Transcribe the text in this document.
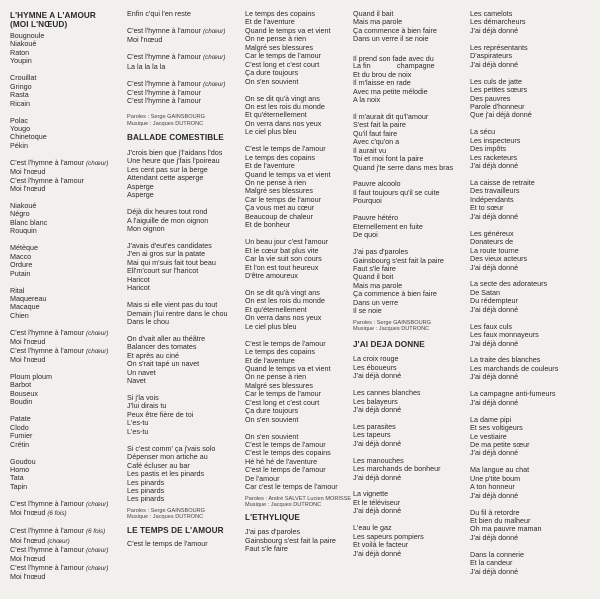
L'HYMNE A L'AMOUR
(MOI L'NŒUD)
Bougnoule
Niakoué
Raton
Youpin
Crouillat
Gringo
Rasta
Ricain
Polac
Yougo
Chinetoque
Pékin
C'est l'hymne à l'amour (chœur)
Moi l'nœud
C'est l'hymne à l'amour
Moi l'nœud
Niakoué
Négro
Blanc blanc
Rouquin
Métèque
Macco
Ordure
Putain
Rital
Maquereau
Macaque
Chien
C'est l'hymne à l'amour (chœur)
Moi l'nœud
C'est l'hymne à l'amour (chœur)
Moi l'nœud
Ploum ploum
Barbot
Bouseux
Boudin
Patate
Clodo
Fumier
Crétin
Goudou
Homo
Tata
Tapin
C'est l'hymne à l'amour (chœur)
Moi l'nœud (6 fois)
C'est l'hymne à l'amour (6 fois)
Moi l'nœud (chœur)
C'est l'hymne à l'amour (chœur)
Moi l'nœud
C'est l'hymne à l'amour (chœur)
Moi l'nœud
Enfin c'qui l'en reste
C'est l'hymne à l'amour (chœur)
Moi l'nœud
C'est l'hymne à l'amour (chœur)
La la la la la
C'est l'hymne à l'amour (chœur)
C'est l'hymne à l'amour
C'est l'hymne à l'amour
Paroles : Serge GAINSBOURG
Musique : Jacques DUTRONC
BALLADE COMESTIBLE
J'crois bien que j'l'aidans l'dos
Une heure que j'fais l'poireau
Les cent pas sur la berge
Attendant cette asperge
Asperge
Asperge
Déjà dix heures tout rond
A l'aiguille de mon oignon
Mon oignon
J'avais d'eut'es candidates
J'en ai gros sur la patate
Mai qui m'suis fait tout beau
Ell'm'court sur l'haricot
Haricot
Haricot
Mais si elle vient pas du tout
Demain j'lui rentre dans le chou
Dans le chou
On d'vait aller au théâtre
Balancer des tomates
Et après au ciné
On s'rait tapé un navet
Un navet
Navet
Si j'la vois
J'lui dirais tu
Peux être fière de toi
L'es-tu
L'es-tu
Si c'est comm' ça j'vais solo
Dépenser mon artiche au
Café écluser au bar
Les pastis et les pinards
Les pinards
Les pinards
Les pinards
Paroles : Serge GAINSBOURG
Musique : Jacques DUTRONC
LE TEMPS DE L'AMOUR
C'est le temps de l'amour
Le temps des copains
Et de l'aventure
Quand le temps va et vient
On ne pense à rien
Malgré ses blessures
Car le temps de l'amour
C'est long et c'est court
Ça dure toujours
On s'en souvient
On se dit qu'à vingt ans
On est les rois du monde
Et qu'éternellement
On verra dans nos yeux
Le ciel plus bleu
C'est le temps de l'amour
Le temps des copains
Et de l'aventure
Quand le temps va et vient
On ne pense à rien
Malgré ses blessures
Car le temps de l'amour
Ça vous met au cœur
Beaucoup de chaleur
Et de bonheur
Un beau jour c'est l'amour
Et le cœur bat plus vite
Car la vie suit son cours
Et l'on est tout heureux
D'être amoureux
On se dit qu'à vingt ans
On est les rois du monde
Et qu'éternellement
On verra dans nos yeux
Le ciel plus bleu
C'est le temps de l'amour
Le temps des copains
Et de l'aventure
Quand le temps va et vient
On ne pense à rien
Malgré ses blessures
Car le temps de l'amour
C'est long et c'est court
Ça dure toujours
On s'en souvient
On s'en souvient
C'est le temps de l'amour
C'est le temps des copains
Hé hé hé de l'aventure
C'est le temps de l'amour
De l'amour
Car c'est le temps de l'amour
Paroles : André SALVET Lucien MORISSE
Musique : Jacques DUTRONC
L'ETHYLIQUE
J'ai pas d'paroles
Gainsbourg s'est fait la paire
Faut s'le faire
Quand il bait
Mais ma parole
Ça commence à bien faire
Dans un verre il se noie
Il prend son fade avec du
champagne
La fin
Et du brou de noix
Il m'laisse en rade
Avec ma petite mélodie
A la noix
Il m'aurait dit qu'l'amour
S'est fait la paire
Qu'il faut faire
Avec c'qu'on a
Il aurait vu
Toi et moi font la paire
Quand j'te serre dans mes bras
Pauvre alcoolo
Il faut toujours qu'il se cuite
Pourquoi
Pauvre hétéro
Eternellement en fuite
De quoi
J'ai pas d'paroles
Gainsbourg s'est fait la paire
Faut s'le faire
Quand il boit
Mais ma parole
Ça commence à bien faire
Dans un verre
Il se noie
Paroles : Serge GAINSBOURG
Musique : Jacques DUTRONC
J'AI DEJA DONNE
La croix rouge
Les éboueurs
J'ai déjà donné
Les cannes blanches
Les balayeurs
J'ai déjà donné
Les parasites
Les tapeurs
J'ai déjà donné
Les manouches
Les marchands de bonheur
J'ai déjà donné
La vignette
Et le téléviseur
J'ai déjà donné
L'eau le gaz
Les sapeurs pompiers
Et voilà le facteur
J'ai déjà donné
Les camelots
Les démarcheurs
J'ai déjà donné
Les représentants
D'aspirateurs
J'ai déjà donné
Les culs de jatte
Les petites sœurs
Des pauvres
Parole d'honneur
Que j'ai déjà donné
La sécu
Les inspecteurs
Des impôts
Les racketeurs
J'ai déjà donné
La caisse de retraite
Des travailleurs
Indépendants
Et to sœur
J'ai déjà donné
Les généreux
Donateurs de
La route tourne
Des vieux acteurs
J'ai déjà donné
La secte des adorateurs
De Satan
Du rédempteur
J'ai déjà donné
Les faux culs
Les faux monnayeurs
J'ai déjà donné
La traite des blanches
Les marchands de couleurs
J'ai déjà donné
La campagne anti-fumeurs
J'ai déjà donné
La dame pipi
Et ses voltigeurs
Le vestiaire
De ma petite sœur
J'ai déjà donné
Ma langue au chat
Une p'tite boum
A ton honneur
J'ai déjà donné
Du fil à retordre
Et bien du malheur
Oh ma pauvre maman
J'ai déjà donné
Dans la connerie
Et la candeur
J'ai déjà donné
